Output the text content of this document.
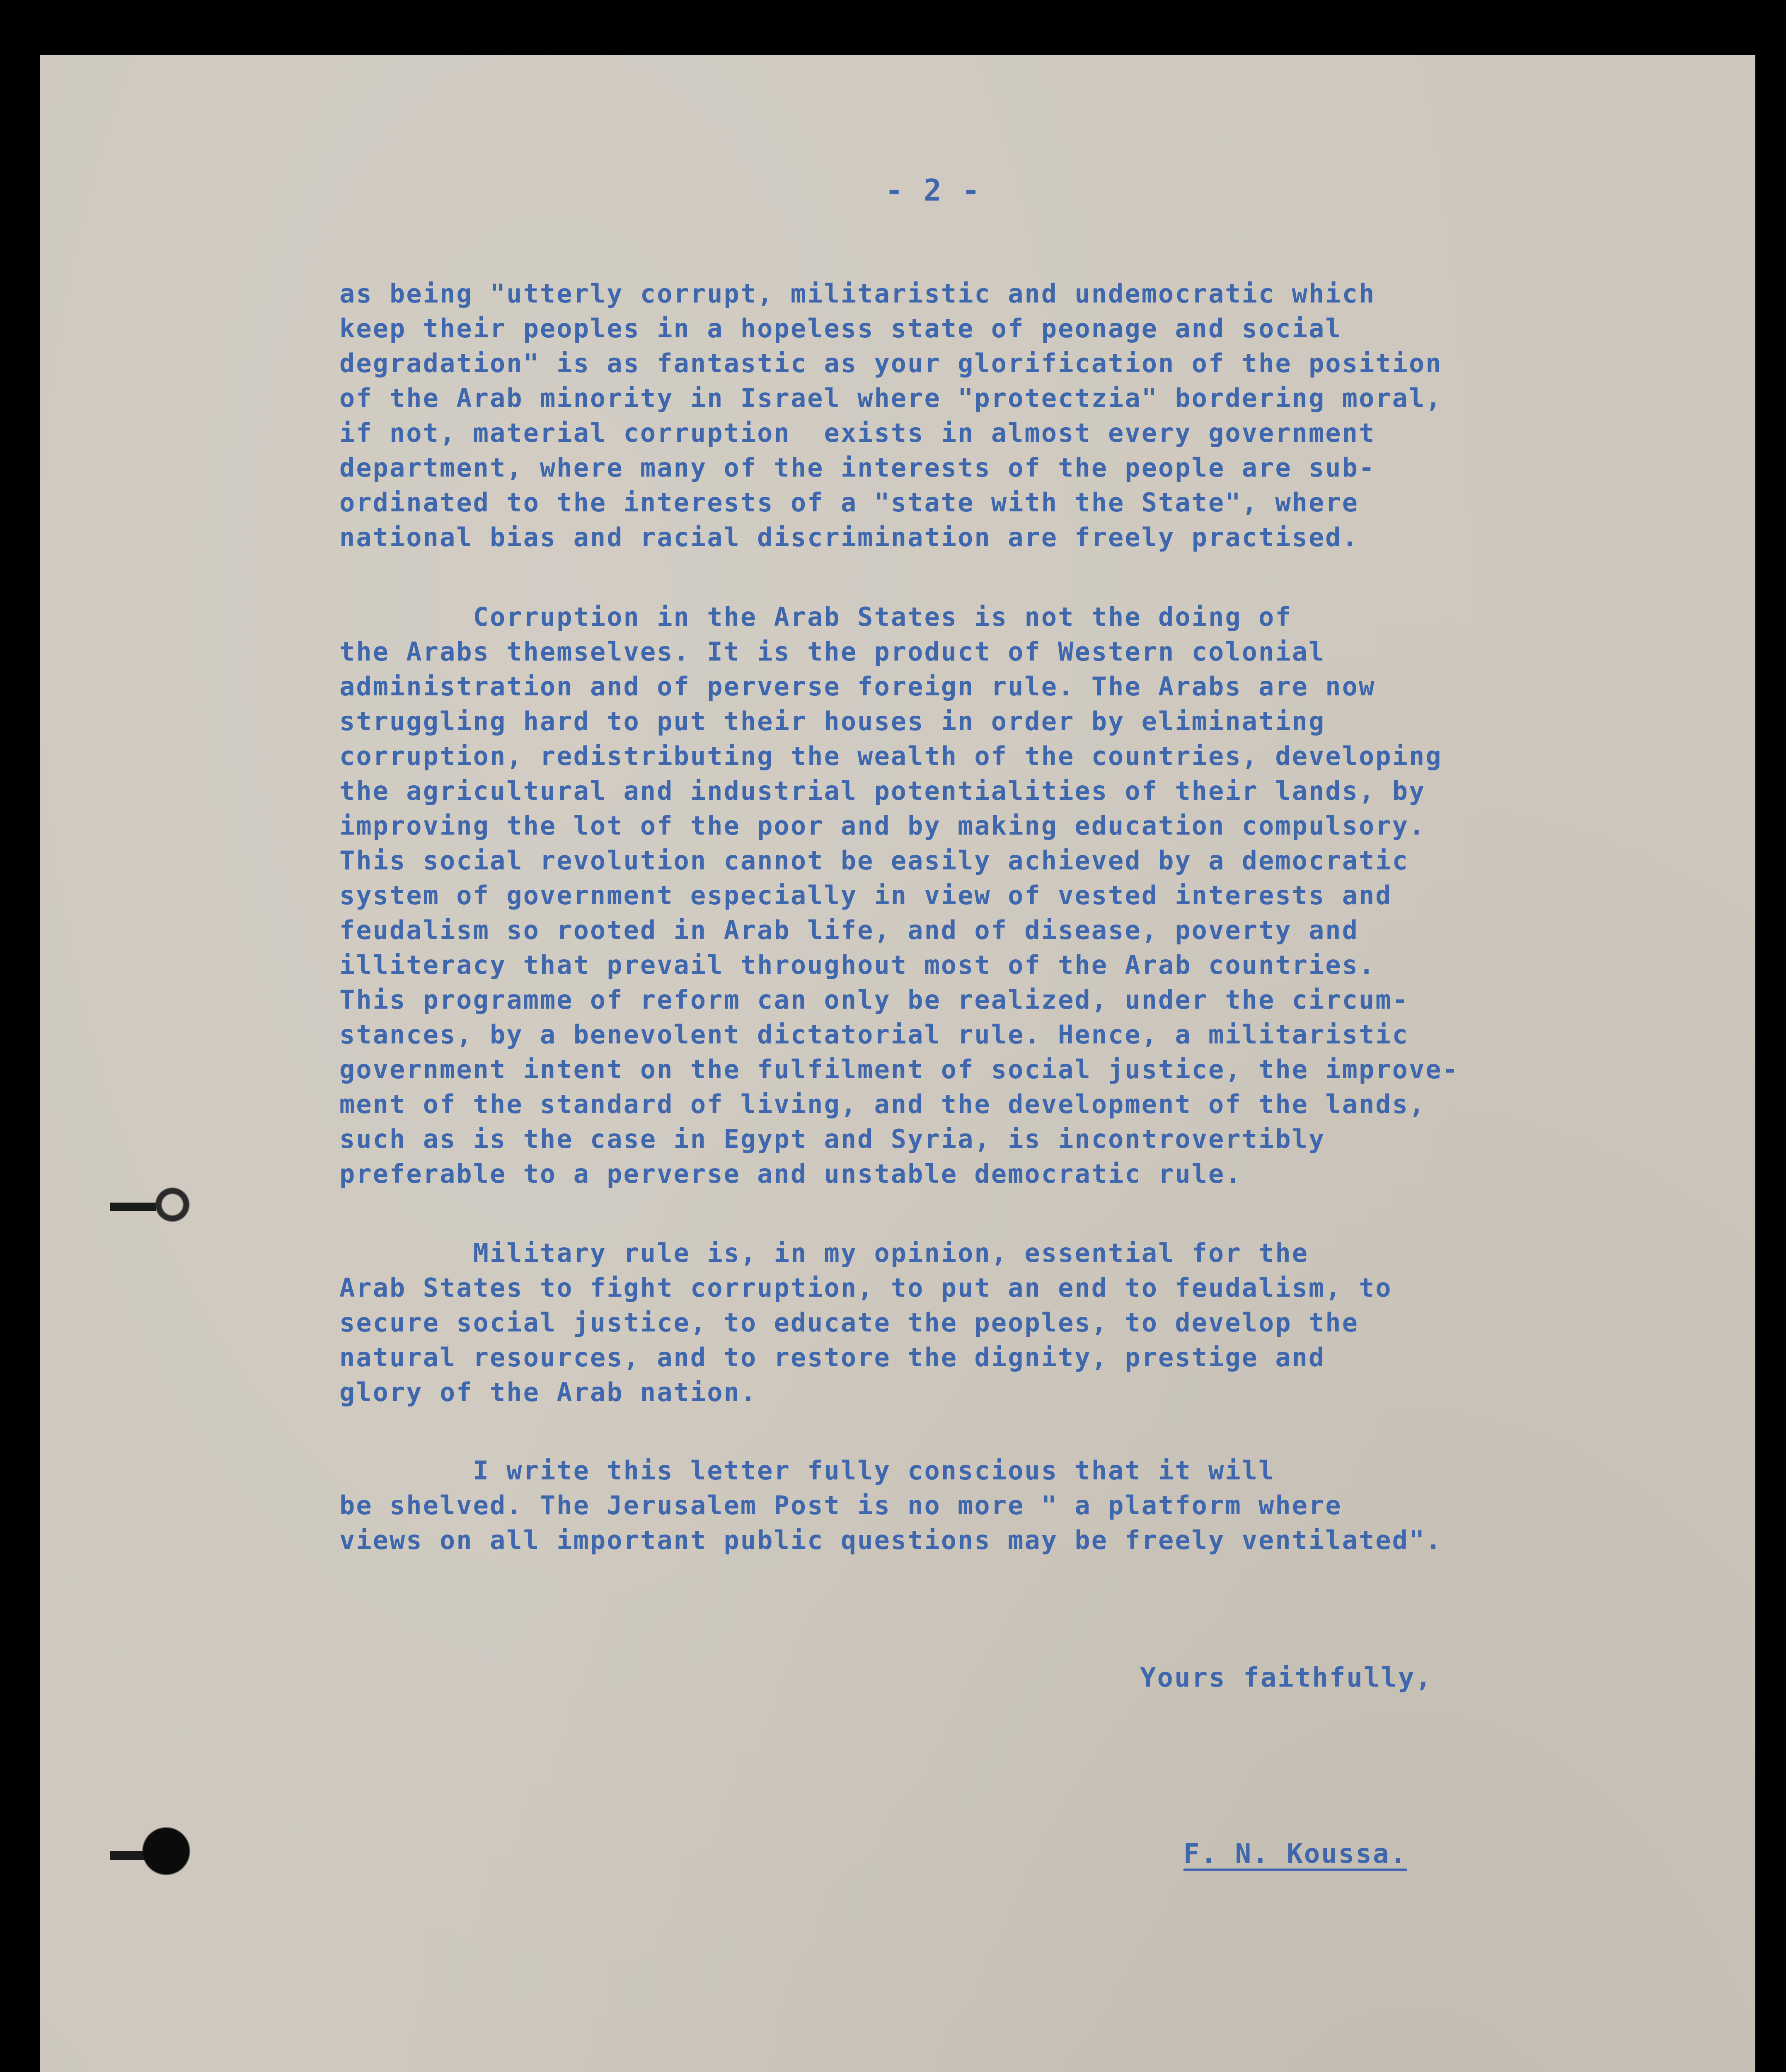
- 2 -
as being "utterly corrupt, militaristic and undemocratic which
keep their peoples in a hopeless state of peonage and social
degradation" is as fantastic as your glorification of the position
of the Arab minority in Israel where "protectzia" bordering moral,
if not, material corruption  exists in almost every government
department, where many of the interests of the people are sub-
ordinated to the interests of a "state with the State", where
national bias and racial discrimination are freely practised.
Corruption in the Arab States is not the doing of
the Arabs themselves. It is the product of Western colonial
administration and of perverse foreign rule. The Arabs are now
struggling hard to put their houses in order by eliminating
corruption, redistributing the wealth of the countries, developing
the agricultural and industrial potentialities of their lands, by
improving the lot of the poor and by making education compulsory.
This social revolution cannot be easily achieved by a democratic
system of government especially in view of vested interests and
feudalism so rooted in Arab life, and of disease, poverty and
illiteracy that prevail throughout most of the Arab countries.
This programme of reform can only be realized, under the circum-
stances, by a benevolent dictatorial rule. Hence, a militaristic
government intent on the fulfilment of social justice, the improve-
ment of the standard of living, and the development of the lands,
such as is the case in Egypt and Syria, is incontrovertibly
preferable to a perverse and unstable democratic rule.
Military rule is, in my opinion, essential for the
Arab States to fight corruption, to put an end to feudalism, to
secure social justice, to educate the peoples, to develop the
natural resources, and to restore the dignity, prestige and
glory of the Arab nation.
I write this letter fully conscious that it will
be shelved. The Jerusalem Post is no more " a platform where
views on all important public questions may be freely ventilated".
Yours faithfully,
F. N. Koussa.
